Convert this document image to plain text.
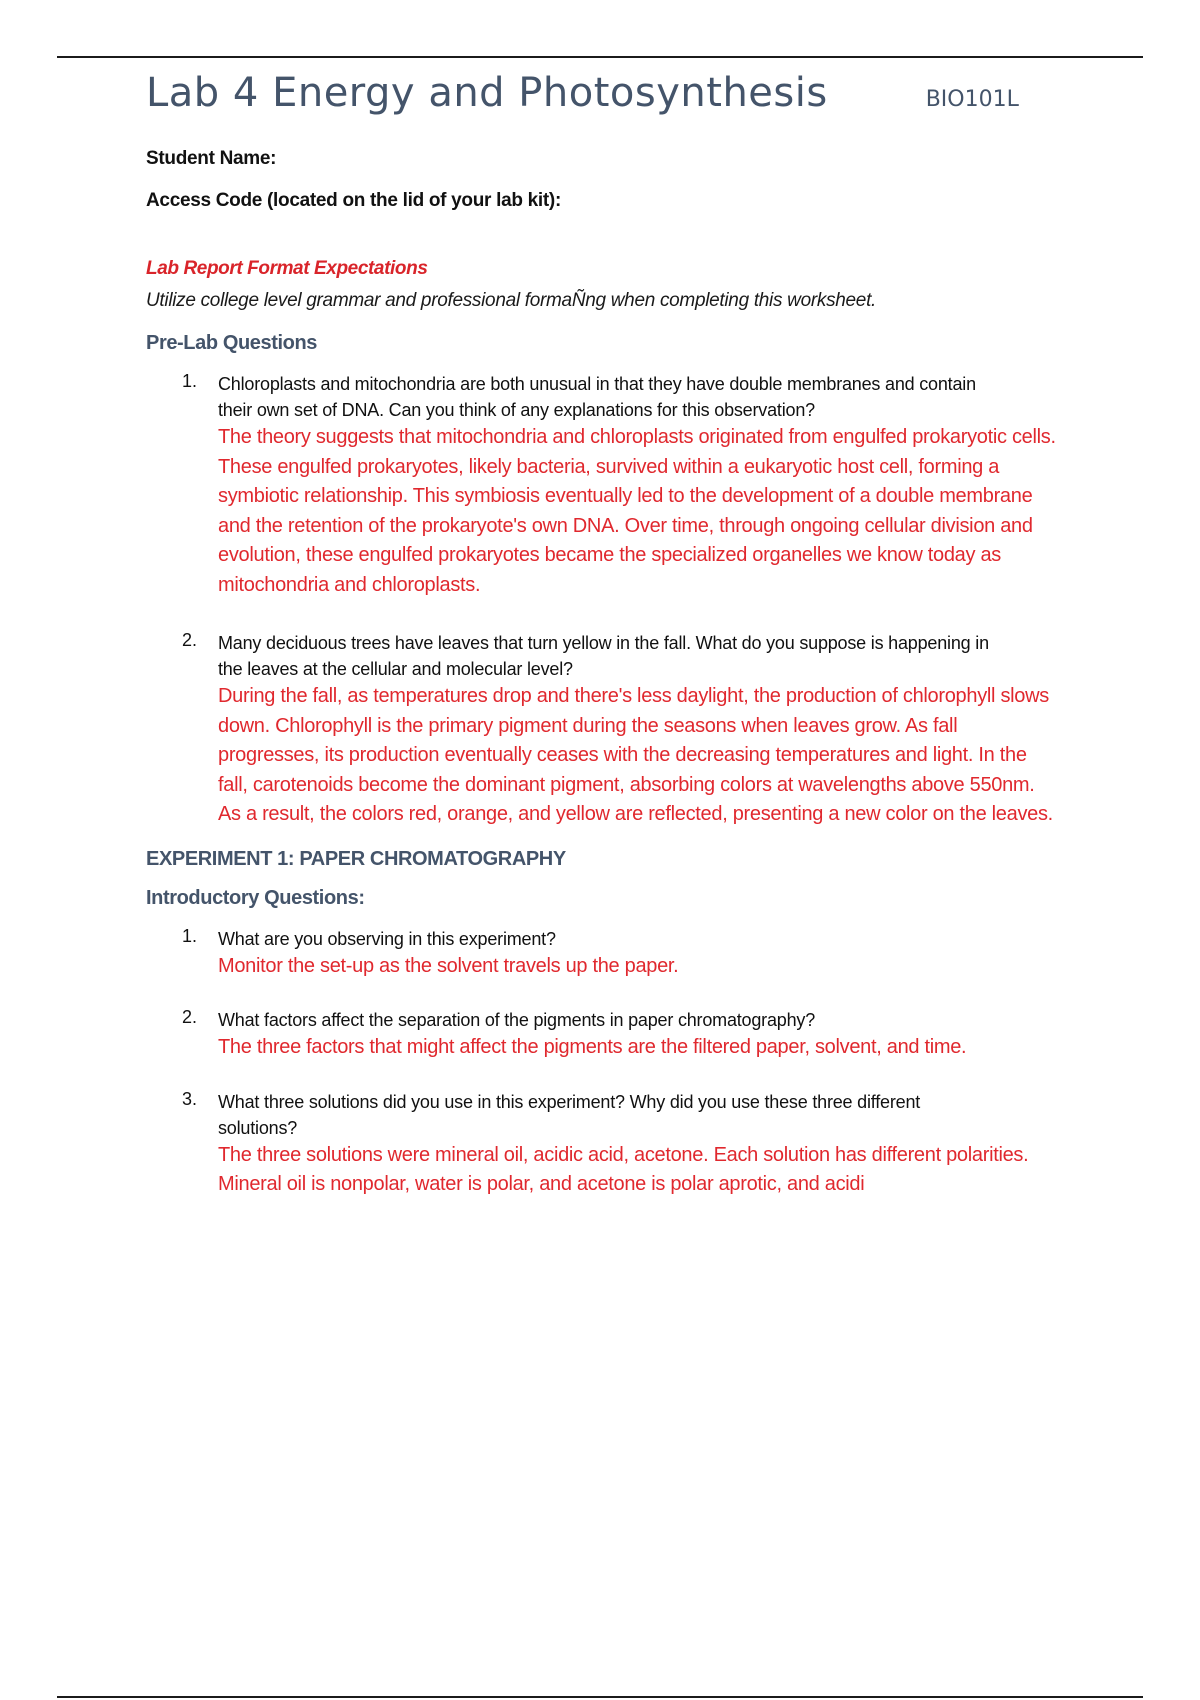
Lab 4 Energy and Photosynthesis	BIO101L
Student Name:
Access Code (located on the lid of your lab kit):
Lab Report Format Expectations
Utilize college level grammar and professional formaÑng when completing this worksheet.
Pre-Lab Questions
1. Chloroplasts and mitochondria are both unusual in that they have double membranes and contain their own set of DNA. Can you think of any explanations for this observation?
The theory suggests that mitochondria and chloroplasts originated from engulfed prokaryotic cells. These engulfed prokaryotes, likely bacteria, survived within a eukaryotic host cell, forming a symbiotic relationship. This symbiosis eventually led to the development of a double membrane and the retention of the prokaryote's own DNA. Over time, through ongoing cellular division and evolution, these engulfed prokaryotes became the specialized organelles we know today as mitochondria and chloroplasts.
2. Many deciduous trees have leaves that turn yellow in the fall. What do you suppose is happening in the leaves at the cellular and molecular level?
During the fall, as temperatures drop and there's less daylight, the production of chlorophyll slows down. Chlorophyll is the primary pigment during the seasons when leaves grow. As fall progresses, its production eventually ceases with the decreasing temperatures and light. In the fall, carotenoids become the dominant pigment, absorbing colors at wavelengths above 550nm. As a result, the colors red, orange, and yellow are reflected, presenting a new color on the leaves.
EXPERIMENT 1: PAPER CHROMATOGRAPHY
Introductory Questions:
1. What are you observing in this experiment?
Monitor the set-up as the solvent travels up the paper.
2. What factors affect the separation of the pigments in paper chromatography?
The three factors that might affect the pigments are the filtered paper, solvent, and time.
3. What three solutions did you use in this experiment? Why did you use these three different solutions?
The three solutions were mineral oil, acidic acid, acetone. Each solution has different polarities. Mineral oil is nonpolar, water is polar, and acetone is polar aprotic, and acidi
